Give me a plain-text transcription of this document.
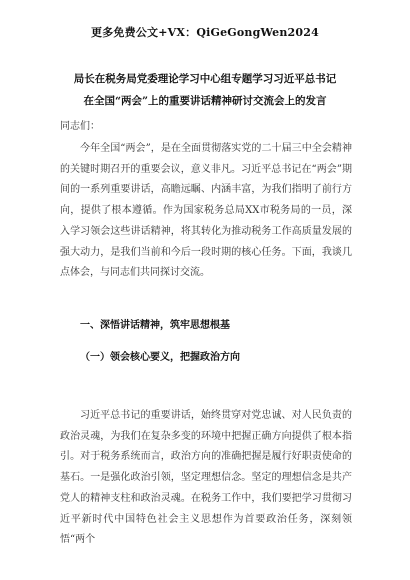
更多免费公文+VX：QiGeGongWen2024
局长在税务局党委理论学习中心组专题学习习近平总书记
在全国“两会”上的重要讲话精神研讨交流会上的发言
同志们：
今年全国“两会”，是在全面贯彻落实党的二十届三中全会精神的关键时期召开的重要会议，意义非凡。习近平总书记在“两会”期间的一系列重要讲话，高瞻远瞩、内涵丰富，为我们指明了前行方向，提供了根本遵循。作为国家税务总局XX市税务局的一员，深入学习领会这些讲话精神，将其转化为推动税务工作高质量发展的强大动力，是我们当前和今后一段时期的核心任务。下面，我谈几点体会，与同志们共同探讨交流。
一、深悟讲话精神，筑牢思想根基
（一）领会核心要义，把握政治方向
习近平总书记的重要讲话，始终贯穿对党忠诚、对人民负责的政治灵魂，为我们在复杂多变的环境中把握正确方向提供了根本指引。对于税务系统而言，政治方向的准确把握是履行好职责使命的基石。一是强化政治引领，坚定理想信念。坚定的理想信念是共产党人的精神支柱和政治灵魂。在税务工作中，我们要把学习贯彻习近平新时代中国特色社会主义思想作为首要政治任务，深刻领悟“两个
